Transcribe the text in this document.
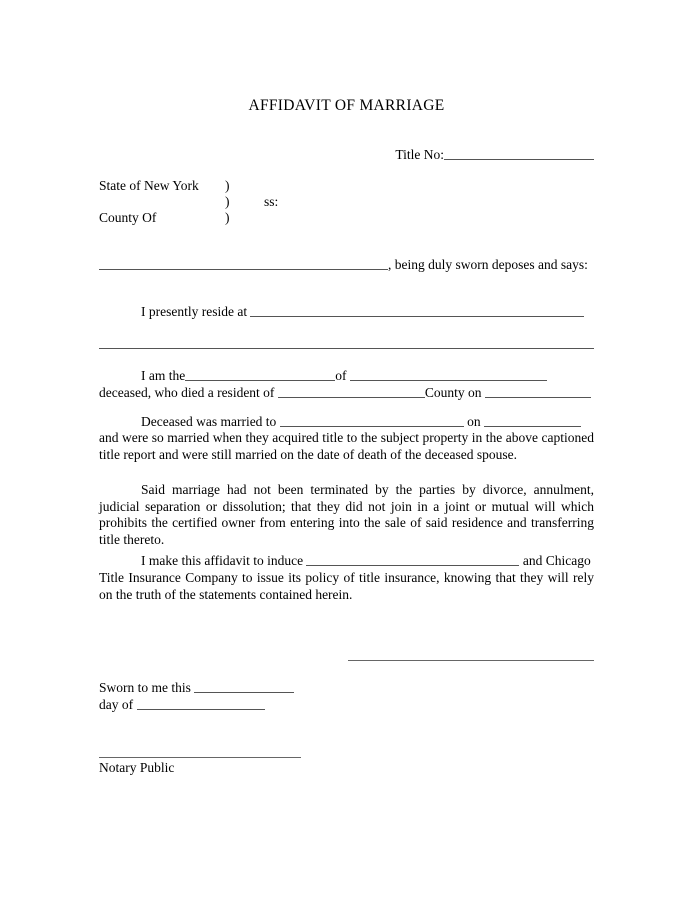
AFFIDAVIT OF MARRIAGE
Title No:
State of New York )
)	ss:
County Of	)
, being duly sworn deposes and says:
I presently reside at
I am the	of
deceased, who died a resident of	County on
Deceased was married to	on
and were so married when they acquired title to the subject property in the above captioned title report and were still married on the date of death of the deceased spouse.
Said marriage had not been terminated by the parties by divorce, annulment, judicial separation or dissolution; that they did not join in a joint or mutual will which prohibits the certified owner from entering into the sale of said residence and transferring title thereto.
I make this affidavit to induce	and Chicago
Title Insurance Company to issue its policy of title insurance, knowing that they will rely on the truth of the statements contained herein.
Sworn to me this
day of
Notary Public
